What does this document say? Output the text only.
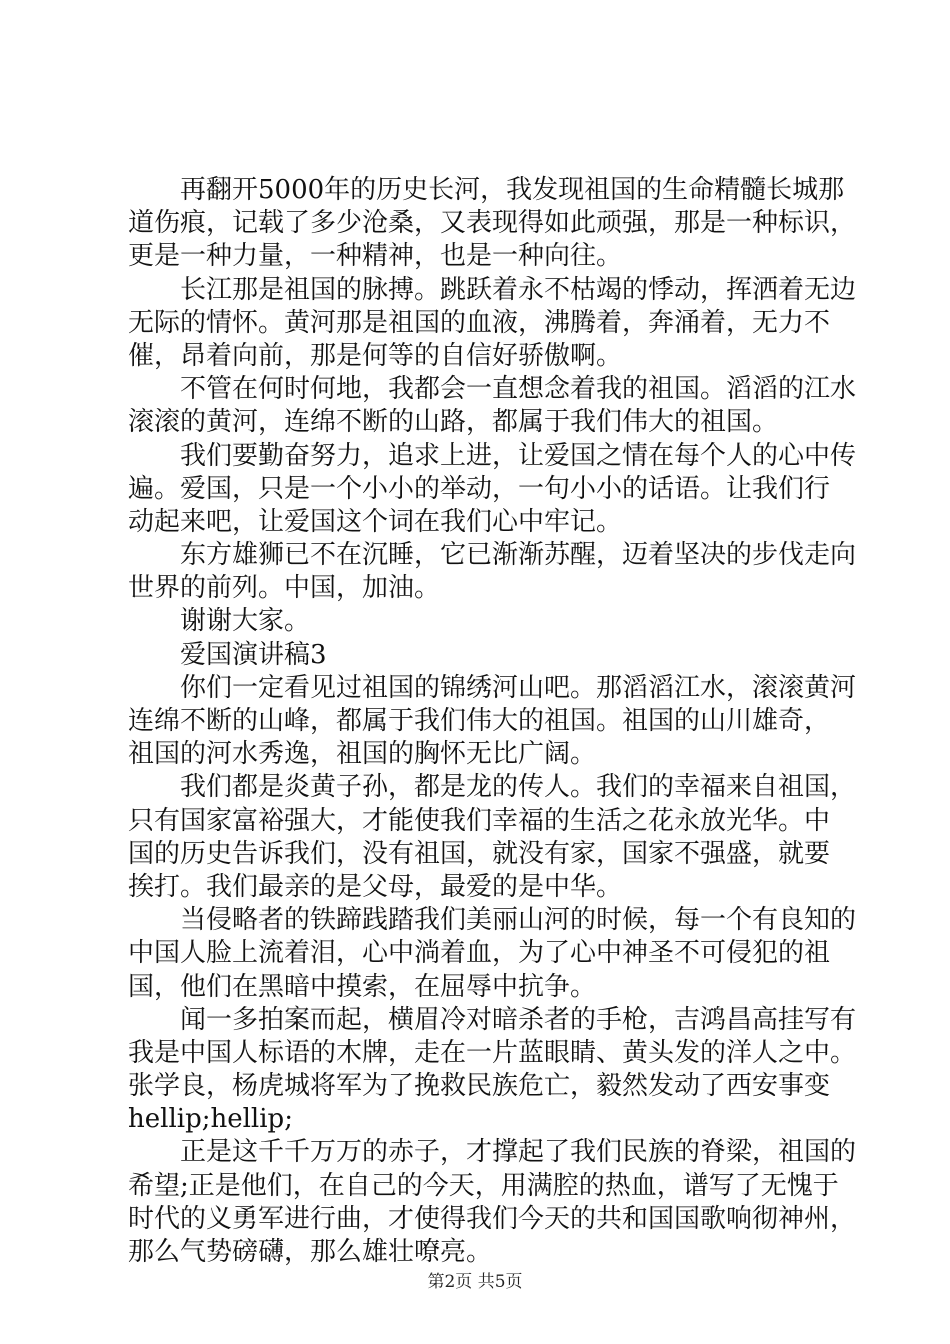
再翻开5000年的历史长河，我发现祖国的生命精髓长城那
道伤痕，记载了多少沧桑，又表现得如此顽强，那是一种标识，
更是一种力量，一种精神，也是一种向往。
长江那是祖国的脉搏。跳跃着永不枯竭的悸动，挥洒着无边
无际的情怀。黄河那是祖国的血液，沸腾着，奔涌着，无力不
催，昂着向前，那是何等的自信好骄傲啊。
不管在何时何地，我都会一直想念着我的祖国。滔滔的江水
滚滚的黄河，连绵不断的山路，都属于我们伟大的祖国。
我们要勤奋努力，追求上进，让爱国之情在每个人的心中传
遍。爱国，只是一个小小的举动，一句小小的话语。让我们行
动起来吧，让爱国这个词在我们心中牢记。
东方雄狮已不在沉睡，它已渐渐苏醒，迈着坚决的步伐走向
世界的前列。中国，加油。
谢谢大家。
爱国演讲稿3
你们一定看见过祖国的锦绣河山吧。那滔滔江水，滚滚黄河
连绵不断的山峰，都属于我们伟大的祖国。祖国的山川雄奇，
祖国的河水秀逸，祖国的胸怀无比广阔。
我们都是炎黄子孙，都是龙的传人。我们的幸福来自祖国，
只有国家富裕强大，才能使我们幸福的生活之花永放光华。中
国的历史告诉我们，没有祖国，就没有家，国家不强盛，就要
挨打。我们最亲的是父母，最爱的是中华。
当侵略者的铁蹄践踏我们美丽山河的时候，每一个有良知的
中国人脸上流着泪，心中淌着血，为了心中神圣不可侵犯的祖
国，他们在黑暗中摸索，在屈辱中抗争。
闻一多拍案而起，横眉冷对暗杀者的手枪，吉鸿昌高挂写有
我是中国人标语的木牌，走在一片蓝眼睛、黄头发的洋人之中。
张学良，杨虎城将军为了挽救民族危亡，毅然发动了西安事变
hellip;hellip;
正是这千千万万的赤子，才撑起了我们民族的脊梁，祖国的
希望;正是他们，在自己的今天，用满腔的热血，谱写了无愧于
时代的义勇军进行曲，才使得我们今天的共和国国歌响彻神州，
那么气势磅礴，那么雄壮嘹亮。
第2页 共5页
